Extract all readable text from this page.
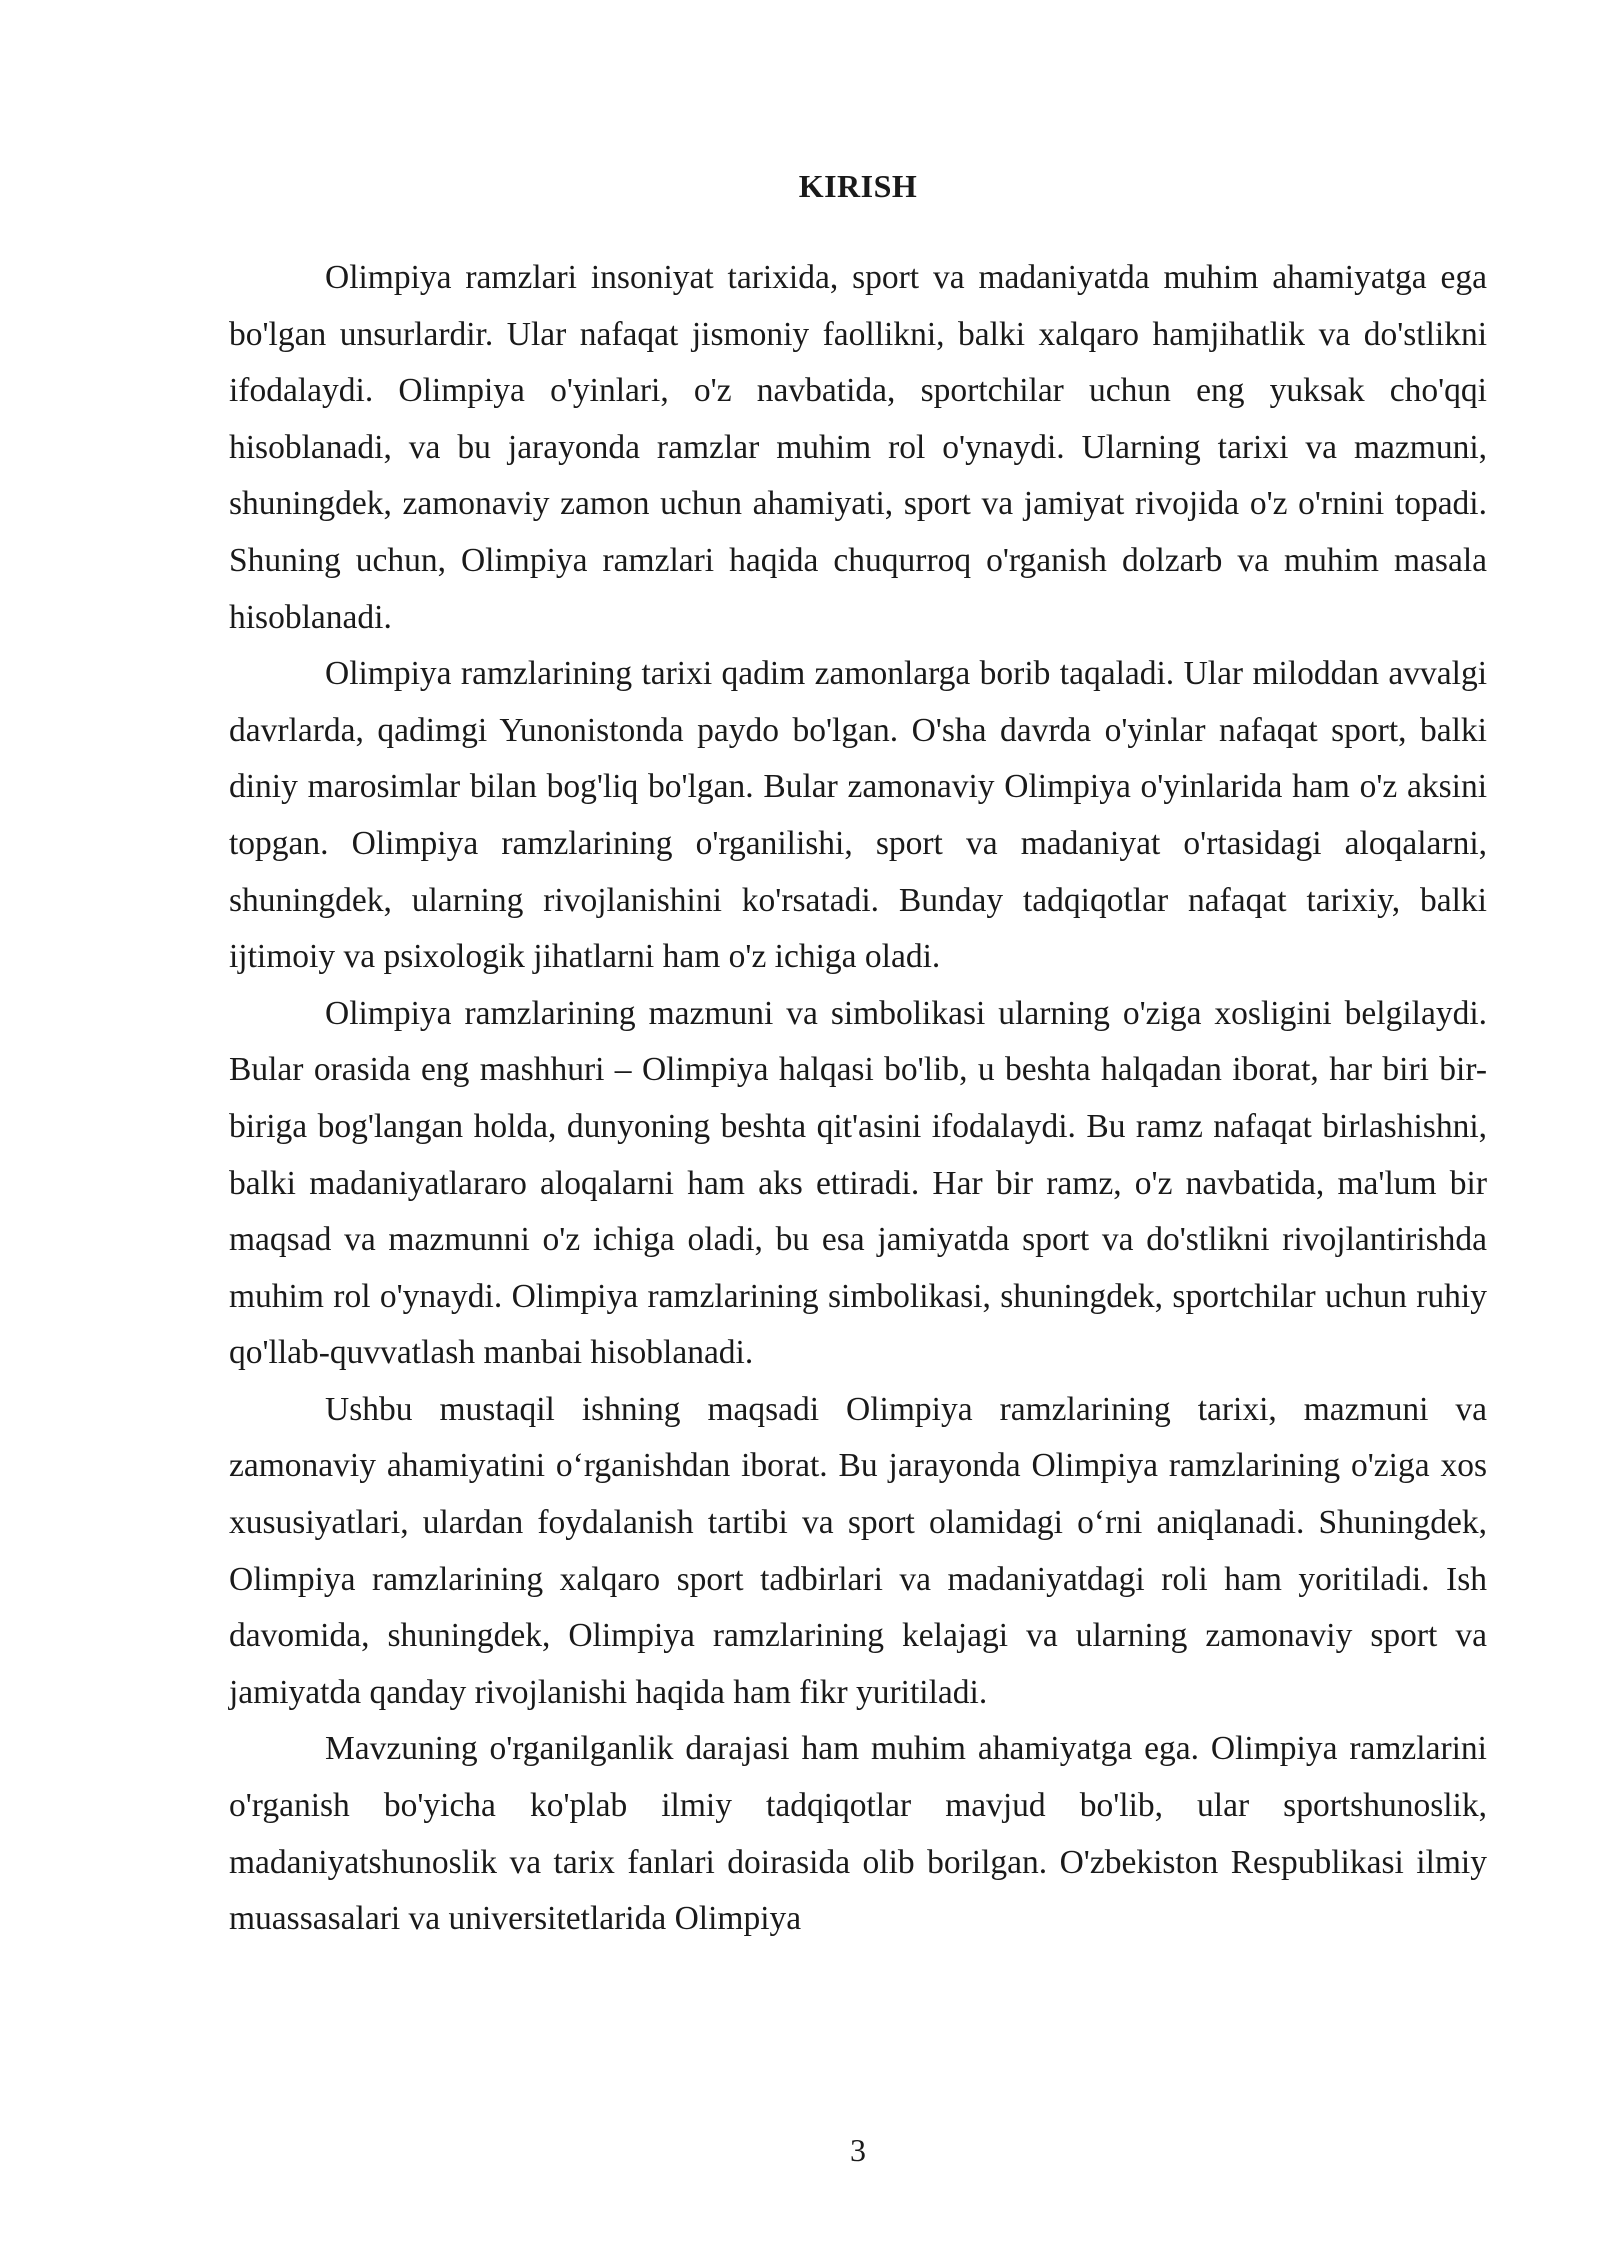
KIRISH

Olimpiya ramzlari insoniyat tarixida, sport va madaniyatda muhim ahamiyatga ega bo'lgan unsurlardir. Ular nafaqat jismoniy faollikni, balki xalqaro hamjihatlik va do'stlikni ifodalaydi. Olimpiya o'yinlari, o'z navbatida, sportchilar uchun eng yuksak cho'qqi hisoblanadi, va bu jarayonda ramzlar muhim rol o'ynaydi. Ularning tarixi va mazmuni, shuningdek, zamonaviy zamon uchun ahamiyati, sport va jamiyat rivojida o'z o'rnini topadi. Shuning uchun, Olimpiya ramzlari haqida chuqurroq o'rganish dolzarb va muhim masala hisoblanadi.

Olimpiya ramzlarining tarixi qadim zamonlarga borib taqaladi. Ular miloddan avvalgi davrlarda, qadimgi Yunonistonda paydo bo'lgan. O'sha davrda o'yinlar nafaqat sport, balki diniy marosimlar bilan bog'liq bo'lgan. Bular zamonaviy Olimpiya o'yinlarida ham o'z aksini topgan. Olimpiya ramzlarining o'rganilishi, sport va madaniyat o'rtasidagi aloqalarni, shuningdek, ularning rivojlanishini ko'rsatadi. Bunday tadqiqotlar nafaqat tarixiy, balki ijtimoiy va psixologik jihatlarni ham o'z ichiga oladi.

Olimpiya ramzlarining mazmuni va simbolikasi ularning o'ziga xosligini belgilaydi. Bular orasida eng mashhuri – Olimpiya halqasi bo'lib, u beshta halqadan iborat, har biri bir-biriga bog'langan holda, dunyoning beshta qit'asini ifodalaydi. Bu ramz nafaqat birlashishni, balki madaniyatlararo aloqalarni ham aks ettiradi. Har bir ramz, o'z navbatida, ma'lum bir maqsad va mazmunni o'z ichiga oladi, bu esa jamiyatda sport va do'stlikni rivojlantirishda muhim rol o'ynaydi. Olimpiya ramzlarining simbolikasi, shuningdek, sportchilar uchun ruhiy qo'llab-quvvatlash manbai hisoblanadi.

Ushbu mustaqil ishning maqsadi Olimpiya ramzlarining tarixi, mazmuni va zamonaviy ahamiyatini o‘rganishdan iborat. Bu jarayonda Olimpiya ramzlarining o'ziga xos xususiyatlari, ulardan foydalanish tartibi va sport olamidagi o‘rni aniqlanadi. Shuningdek, Olimpiya ramzlarining xalqaro sport tadbirlari va madaniyatdagi roli ham yoritiladi. Ish davomida, shuningdek, Olimpiya ramzlarining kelajagi va ularning zamonaviy sport va jamiyatda qanday rivojlanishi haqida ham fikr yuritiladi.

Mavzuning o'rganilganlik darajasi ham muhim ahamiyatga ega. Olimpiya ramzlarini o'rganish bo'yicha ko'plab ilmiy tadqiqotlar mavjud bo'lib, ular sportshunoslik, madaniyatshunoslik va tarix fanlari doirasida olib borilgan. O'zbekiston Respublikasi ilmiy muassasalari va universitetlarida Olimpiya

3
